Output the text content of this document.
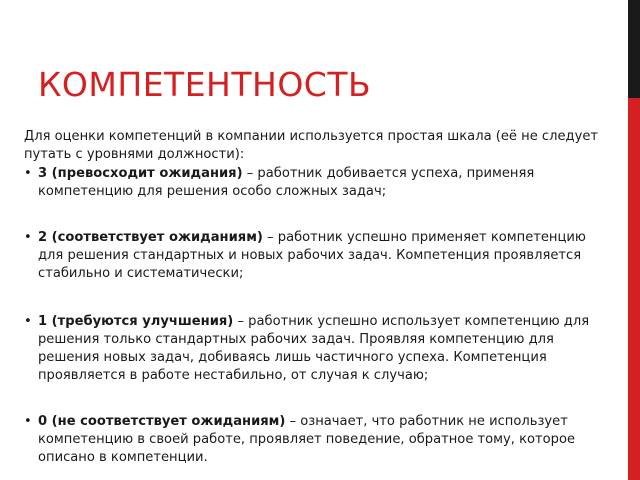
КОМПЕТЕНТНОСТЬ

Для оценки компетенций в компании используется простая шкала (её не следует путать с уровнями должности):

• 3 (превосходит ожидания) – работник добивается успеха, применяя компетенцию для решения особо сложных задач;
• 2 (соответствует ожиданиям) – работник успешно применяет компетенцию для решения стандартных и новых рабочих задач. Компетенция проявляется стабильно и систематически;
• 1 (требуются улучшения) – работник успешно использует компетенцию для решения только стандартных рабочих задач. Проявляя компетенцию для решения новых задач, добиваясь лишь частичного успеха. Компетенция проявляется в работе нестабильно, от случая к случаю;
• 0 (не соответствует ожиданиям) – означает, что работник не использует компетенцию в своей работе, проявляет поведение, обратное тому, которое описано в компетенции.
